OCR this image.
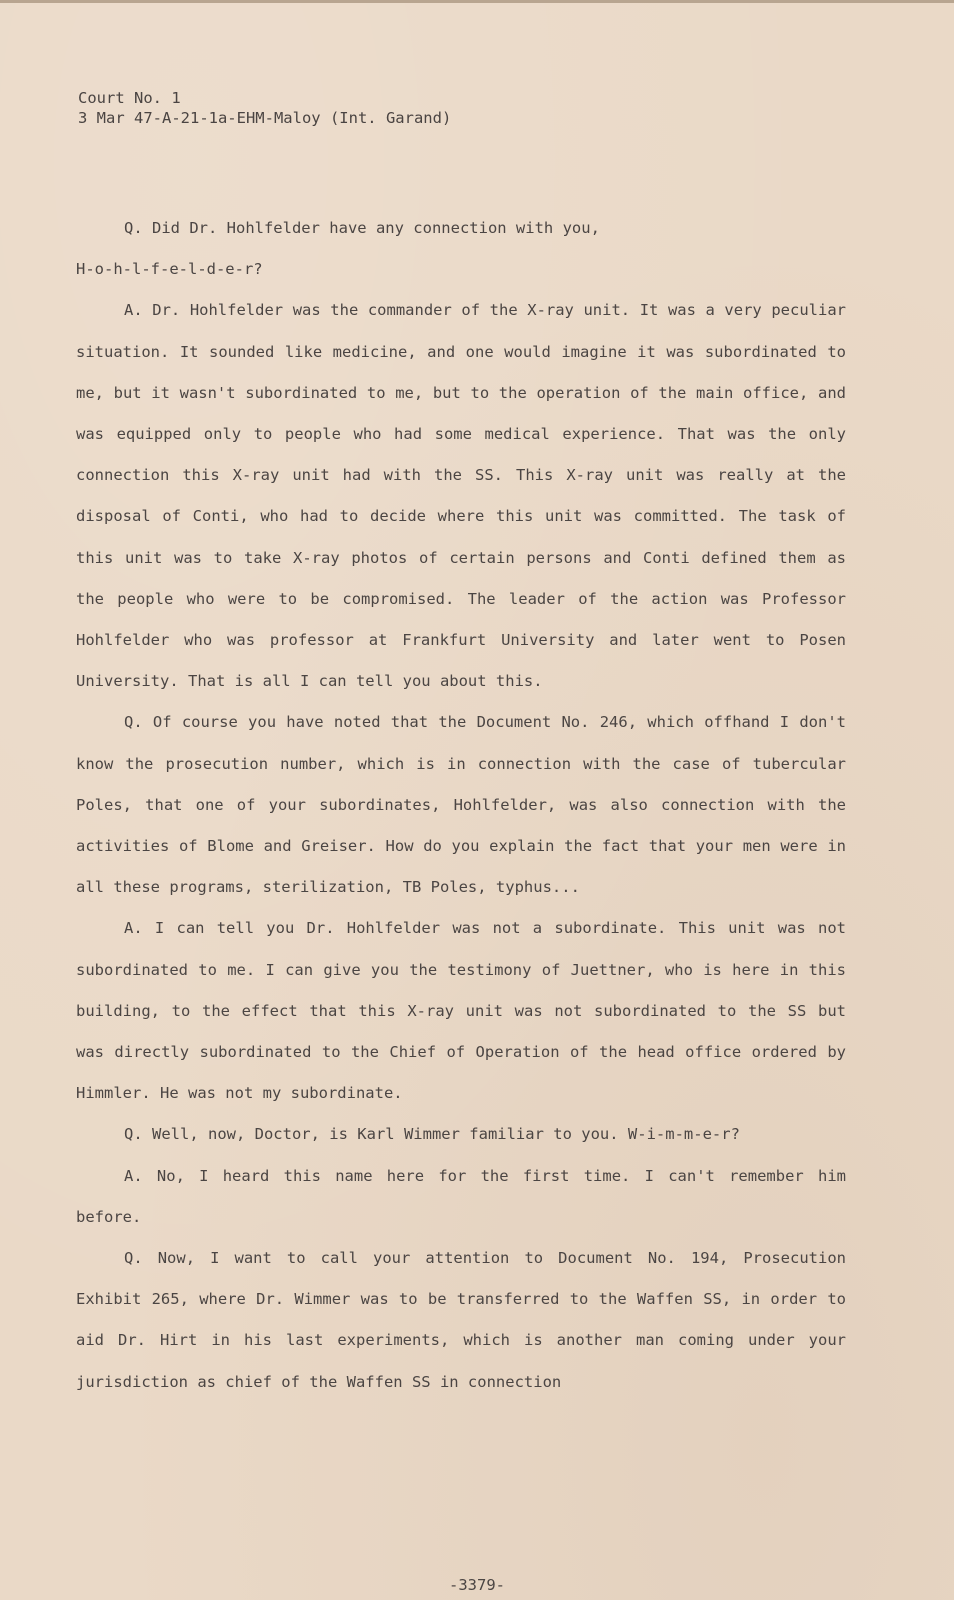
Court No. 1
3 Mar 47-A-21-1a-EHM-Maloy (Int. Garand)

Q. Did Dr. Hohlfelder have any connection with you,

H-o-h-l-f-e-l-d-e-r?

A. Dr. Hohlfelder was the commander of the X-ray unit. It was a very peculiar situation. It sounded like medicine, and one would imagine it was subordinated to me, but it wasn't subordinated to me, but to the operation of the main office, and was equipped only to people who had some medical experience. That was the only connection this X-ray unit had with the SS. This X-ray unit was really at the disposal of Conti, who had to decide where this unit was committed. The task of this unit was to take X-ray photos of certain persons and Conti defined them as the people who were to be compromised. The leader of the action was Professor Hohlfelder who was professor at Frankfurt University and later went to Posen University. That is all I can tell you about this.

Q. Of course you have noted that the Document No. 246, which offhand I don't know the prosecution number, which is in connection with the case of tubercular Poles, that one of your subordinates, Hohlfelder, was also connection with the activities of Blome and Greiser. How do you explain the fact that your men were in all these programs, sterilization, TB Poles, typhus...

A. I can tell you Dr. Hohlfelder was not a subordinate. This unit was not subordinated to me. I can give you the testimony of Juettner, who is here in this building, to the effect that this X-ray unit was not subordinated to the SS but was directly subordinated to the Chief of Operation of the head office ordered by Himmler. He was not my subordinate.

Q. Well, now, Doctor, is Karl Wimmer familiar to you. W-i-m-m-e-r?

A. No, I heard this name here for the first time. I can't remember him before.

Q. Now, I want to call your attention to Document No. 194, Prosecution Exhibit 265, where Dr. Wimmer was to be transferred to the Waffen SS, in order to aid Dr. Hirt in his last experiments, which is another man coming under your jurisdiction as chief of the Waffen SS in connection

-3379-
